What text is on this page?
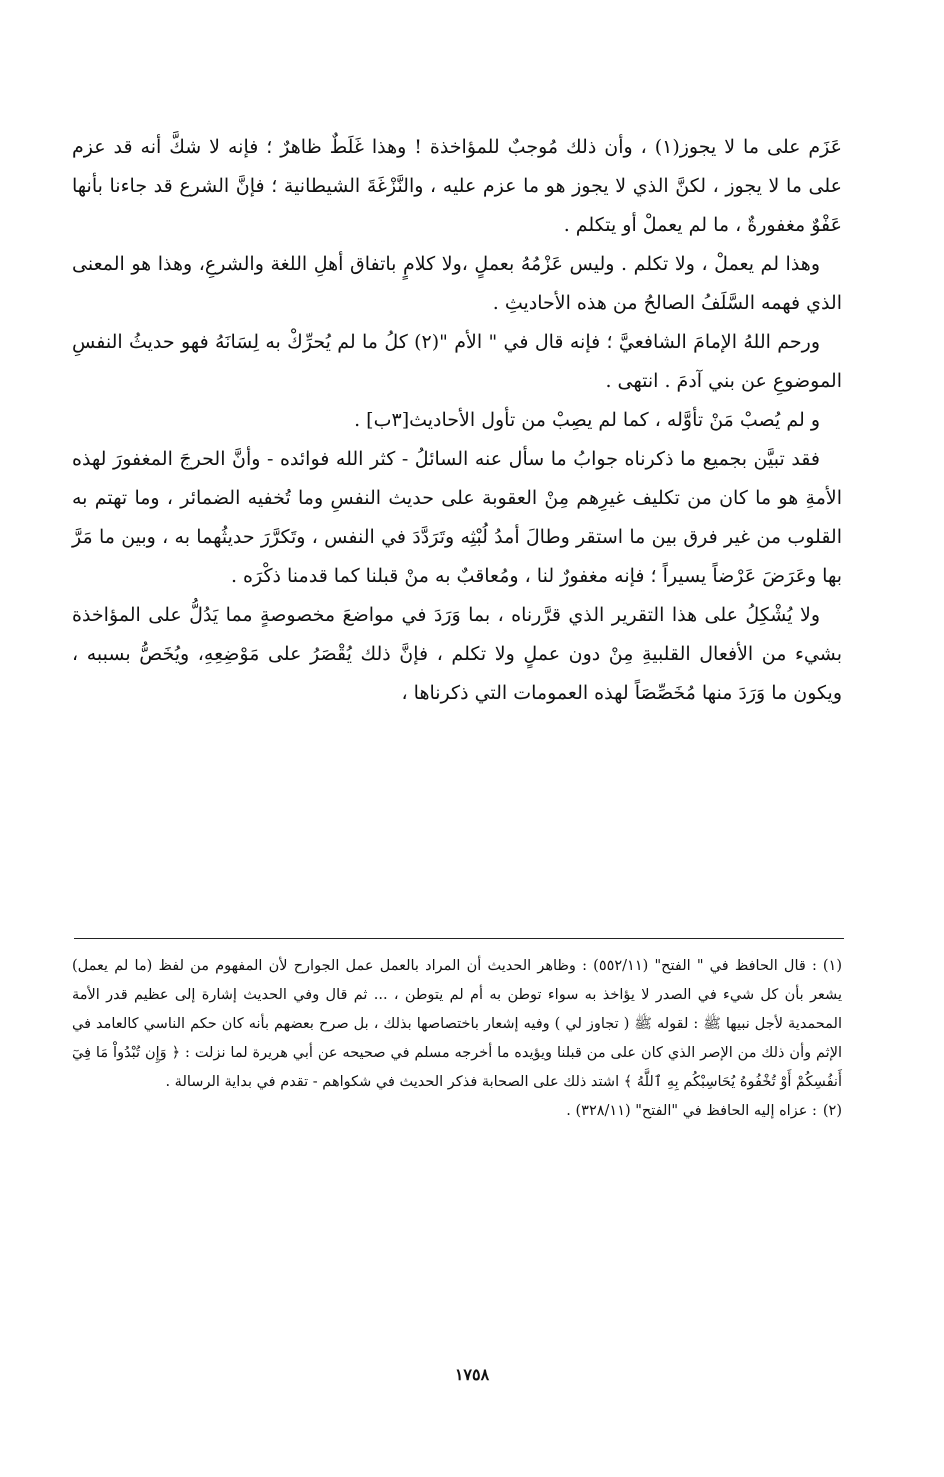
عَزَم على ما لا يجوز(١) ، وأن ذلك مُوجبٌ للمؤاخذة ! وهذا غَلَطٌ ظاهرٌ ؛ فإنه لا شكَّ أنه قد عزم على ما لا يجوز ، لكنَّ الذي لا يجوز هو ما عزم عليه ، والنَّزْغَةَ الشيطانية ؛ فإنَّ الشرع قد جاءنا بأنها عَفْوٌ مغفورةٌ ، ما لم يعملْ أو يتكلم .

وهذا لم يعملْ ، ولا تكلم . وليس عَزْمُهُ بعملٍ ،ولا كلامٍ باتفاق أهلِ اللغة والشرعِ، وهذا هو المعنى الذي فهمه السَّلَفُ الصالحُ من هذه الأحاديثِ .

ورحم اللهُ الإمامَ الشافعيَّ ؛ فإنه قال في " الأم "(٢) كلُ ما لم يُحرِّكْ به لِسَانَهُ فهو حديثُ النفسِ الموضوعِ عن بني آدمَ . انتهى .

و لم يُصبْ مَنْ تأوَّله ، كما لم يصِبْ من تأول الأحاديث[٣ب] .

فقد تبيَّن بجميع ما ذكرناه جوابُ ما سأل عنه السائلُ - كثر الله فوائده - وأنَّ الحرجَ المغفورَ لهذه الأمةِ هو ما كان من تكليف غيرِهم مِنْ العقوبة على حديث النفسِ وما تُخفيه الضمائر ، وما تهتم به القلوب من غير فرق بين ما استقر وطالَ أمدُ لُبْثِه وتَرَدَّدَ في النفس ، وتَكرَّرَ حديثُهما به ، وبين ما مَرَّ بها وعَرَضَ عَرْضاً يسيراً ؛ فإنه مغفورٌ لنا ، ومُعاقبٌ به منْ قبلنا كما قدمنا ذكْرَه .

ولا يُشْكِلُ على هذا التقرير الذي قرَّرناه ، بما وَرَدَ في مواضعَ مخصوصةٍ مما يَدُلُّ على المؤاخذة بشيء من الأفعال القلبيةِ مِنْ دون عملٍ ولا تكلم ، فإنَّ ذلك يُقْصَرُ على مَوْضِعِهِ، ويُخَصُّ بسببه ، ويكون ما وَرَدَ منها مُخَصِّصَاً لهذه العمومات التي ذكرناها ،

(١): قال الحافظ في " الفتح" (٥٥٢/١١) : وظاهر الحديث أن المراد بالعمل عمل الجوارح لأن المفهوم من لفظ (ما لم يعمل) يشعر بأن كل شيء في الصدر لا يؤاخذ به سواء توطن به أم لم يتوطن ، ... ثم قال وفي الحديث إشارة إلى عظيم قدر الأمة المحمدية لأجل نبيها ﷺ : لقوله ﷺ ( تجاوز لي ) وفيه إشعار باختصاصها بذلك ، بل صرح بعضهم بأنه كان حكم الناسي كالعامد في الإثم وأن ذلك من الإصر الذي كان على من قبلنا ويؤيده ما أخرجه مسلم في صحيحه عن أبي هريرة لما نزلت : ﴿ وَإِن تُبْدُواْ مَا فِيٓ أَنفُسِكُمْ أَوْ تُخْفُوهُ يُحَاسِبْكُم بِهِ ٱللَّهُ ﴾ اشتد ذلك على الصحابة فذكر الحديث في شكواهم - تقدم في بداية الرسالة .

(٢): عزاه إليه الحافظ في "الفتح" (٣٢٨/١١) .

١٧٥٨
